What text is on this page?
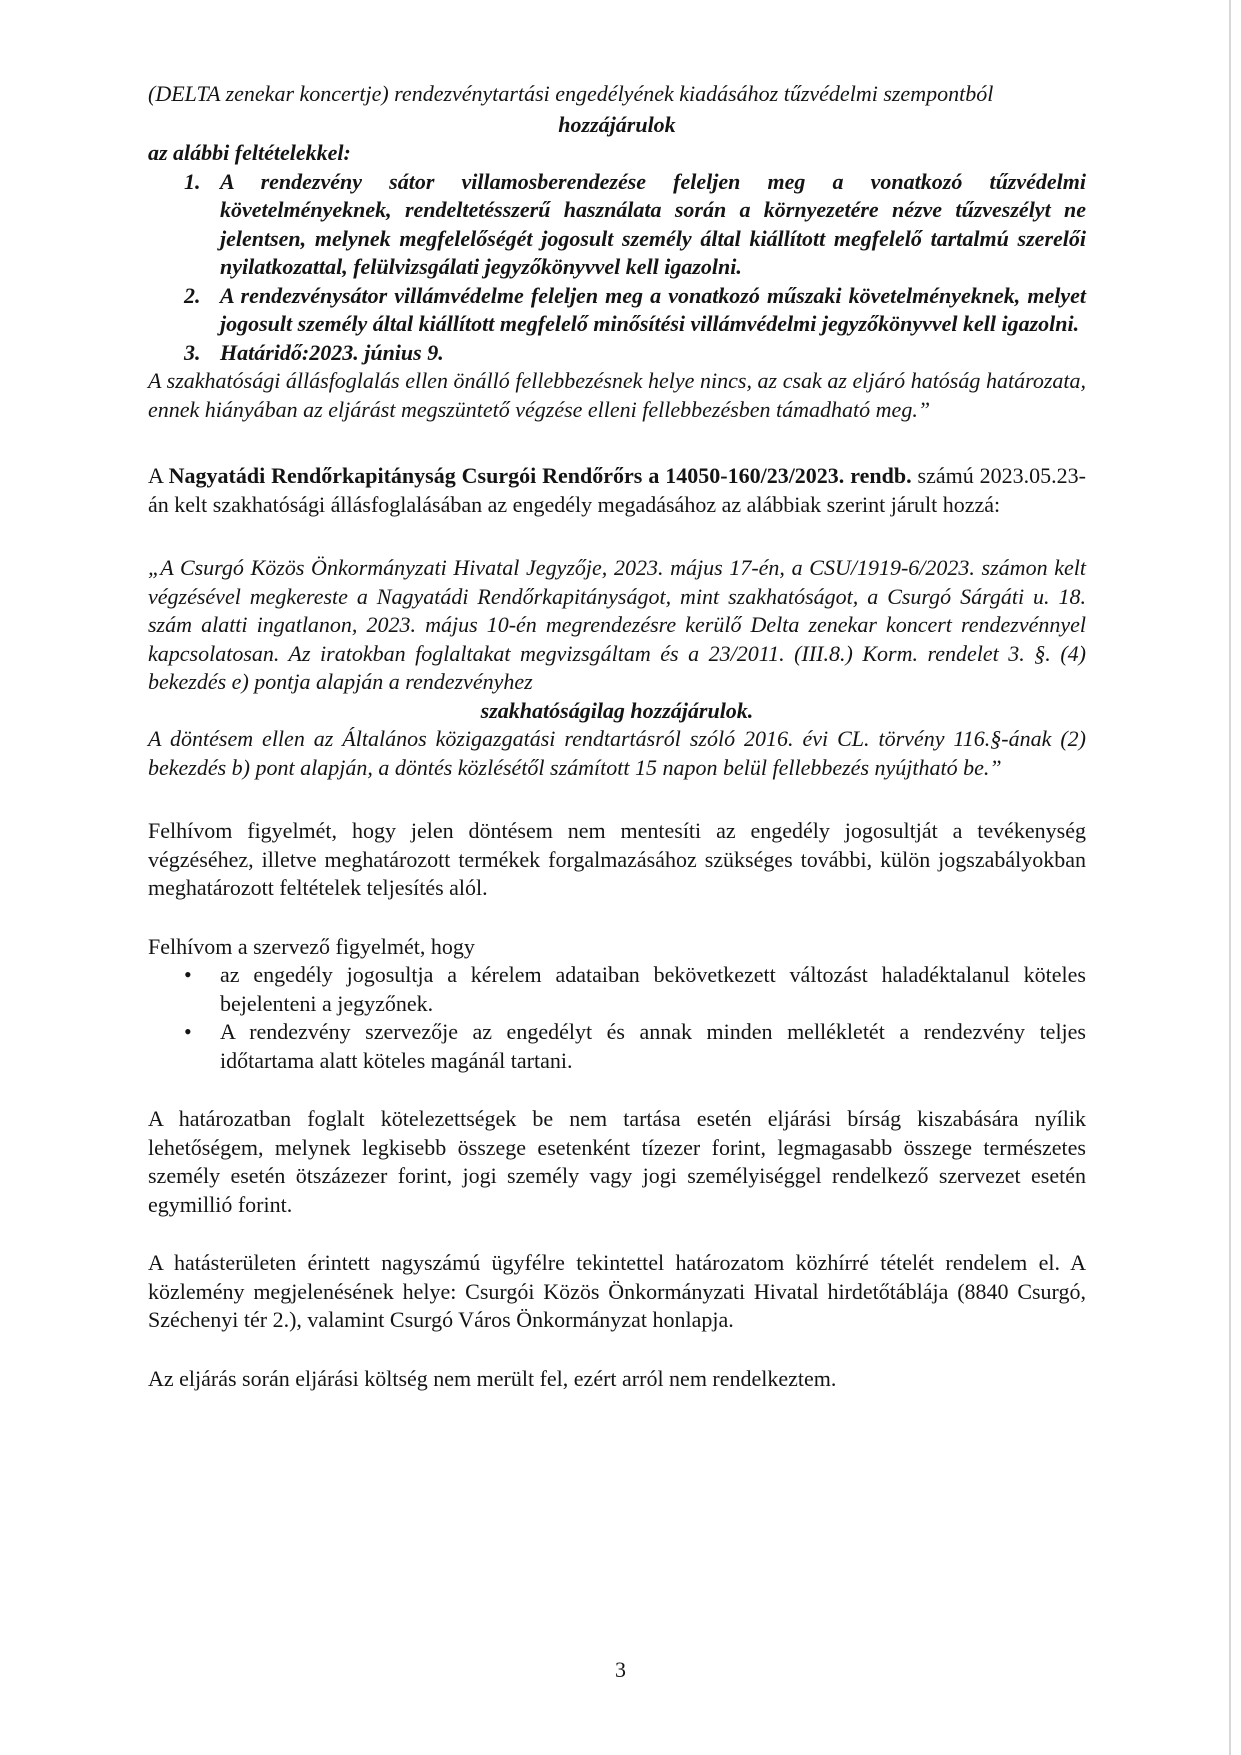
(DELTA zenekar koncertje) rendezvénytartási engedélyének kiadásához tűzvédelmi szempontból

hozzájárulok

az alábbi feltételekkel:

1. A rendezvény sátor villamosberendezése feleljen meg a vonatkozó tűzvédelmi követelményeknek, rendeltetésszerű használata során a környezetére nézve tűzveszélyt ne jelentsen, melynek megfelelőségét jogosult személy által kiállított megfelelő tartalmú szerelői nyilatkozattal, felülvizsgálati jegyzőkönyvvel kell igazolni.
2. A rendezvénysátor villámvédelme feleljen meg a vonatkozó műszaki követelményeknek, melyet jogosult személy által kiállított megfelelő minősítési villámvédelmi jegyzőkönyvvel kell igazolni.
3. Határidő:2023. június 9.

A szakhatósági állásfoglalás ellen önálló fellebbezésnek helye nincs, az csak az eljáró hatóság határozata, ennek hiányában az eljárást megszüntető végzése elleni fellebbezésben támadható meg.”

A Nagyatádi Rendőrkapitányság Csurgói Rendőrőrs a 14050-160/23/2023. rendb. számú 2023.05.23-án kelt szakhatósági állásfoglalásában az engedély megadásához az alábbiak szerint járult hozzá:

„A Csurgó Közös Önkormányzati Hivatal Jegyzője, 2023. május 17-én, a CSU/1919-6/2023. számon kelt végzésével megkereste a Nagyatádi Rendőrkapitányságot, mint szakhatóságot, a Csurgó Sárgáti u. 18. szám alatti ingatlanon, 2023. május 10-én megrendezésre kerülő Delta zenekar koncert rendezvénnyel kapcsolatosan. Az iratokban foglaltakat megvizsgáltam és a 23/2011. (III.8.) Korm. rendelet 3. §. (4) bekezdés e) pontja alapján a rendezvényhez

szakhatóságilag hozzájárulok.

A döntésem ellen az Általános közigazgatási rendtartásról szóló 2016. évi CL. törvény 116.§-ának (2) bekezdés b) pont alapján, a döntés közlésétől számított 15 napon belül fellebbezés nyújtható be.”

Felhívom figyelmét, hogy jelen döntésem nem mentesíti az engedély jogosultját a tevékenység végzéséhez, illetve meghatározott termékek forgalmazásához szükséges további, külön jogszabályokban meghatározott feltételek teljesítés alól.

Felhívom a szervező figyelmét, hogy

• az engedély jogosultja a kérelem adataiban bekövetkezett változást haladéktalanul köteles bejelenteni a jegyzőnek.
• A rendezvény szervezője az engedélyt és annak minden mellékletét a rendezvény teljes időtartama alatt köteles magánál tartani.

A határozatban foglalt kötelezettségek be nem tartása esetén eljárási bírság kiszabására nyílik lehetőségem, melynek legkisebb összege esetenként tízezer forint, legmagasabb összege természetes személy esetén ötszázezer forint, jogi személy vagy jogi személyiséggel rendelkező szervezet esetén egymillió forint.

A hatásterületen érintett nagyszámú ügyfélre tekintettel határozatom közhírré tételét rendelem el. A közlemény megjelenésének helye: Csurgói Közös Önkormányzati Hivatal hirdetőtáblája (8840 Csurgó, Széchenyi tér 2.), valamint Csurgó Város Önkormányzat honlapja.

Az eljárás során eljárási költség nem merült fel, ezért arról nem rendelkeztem.

3
